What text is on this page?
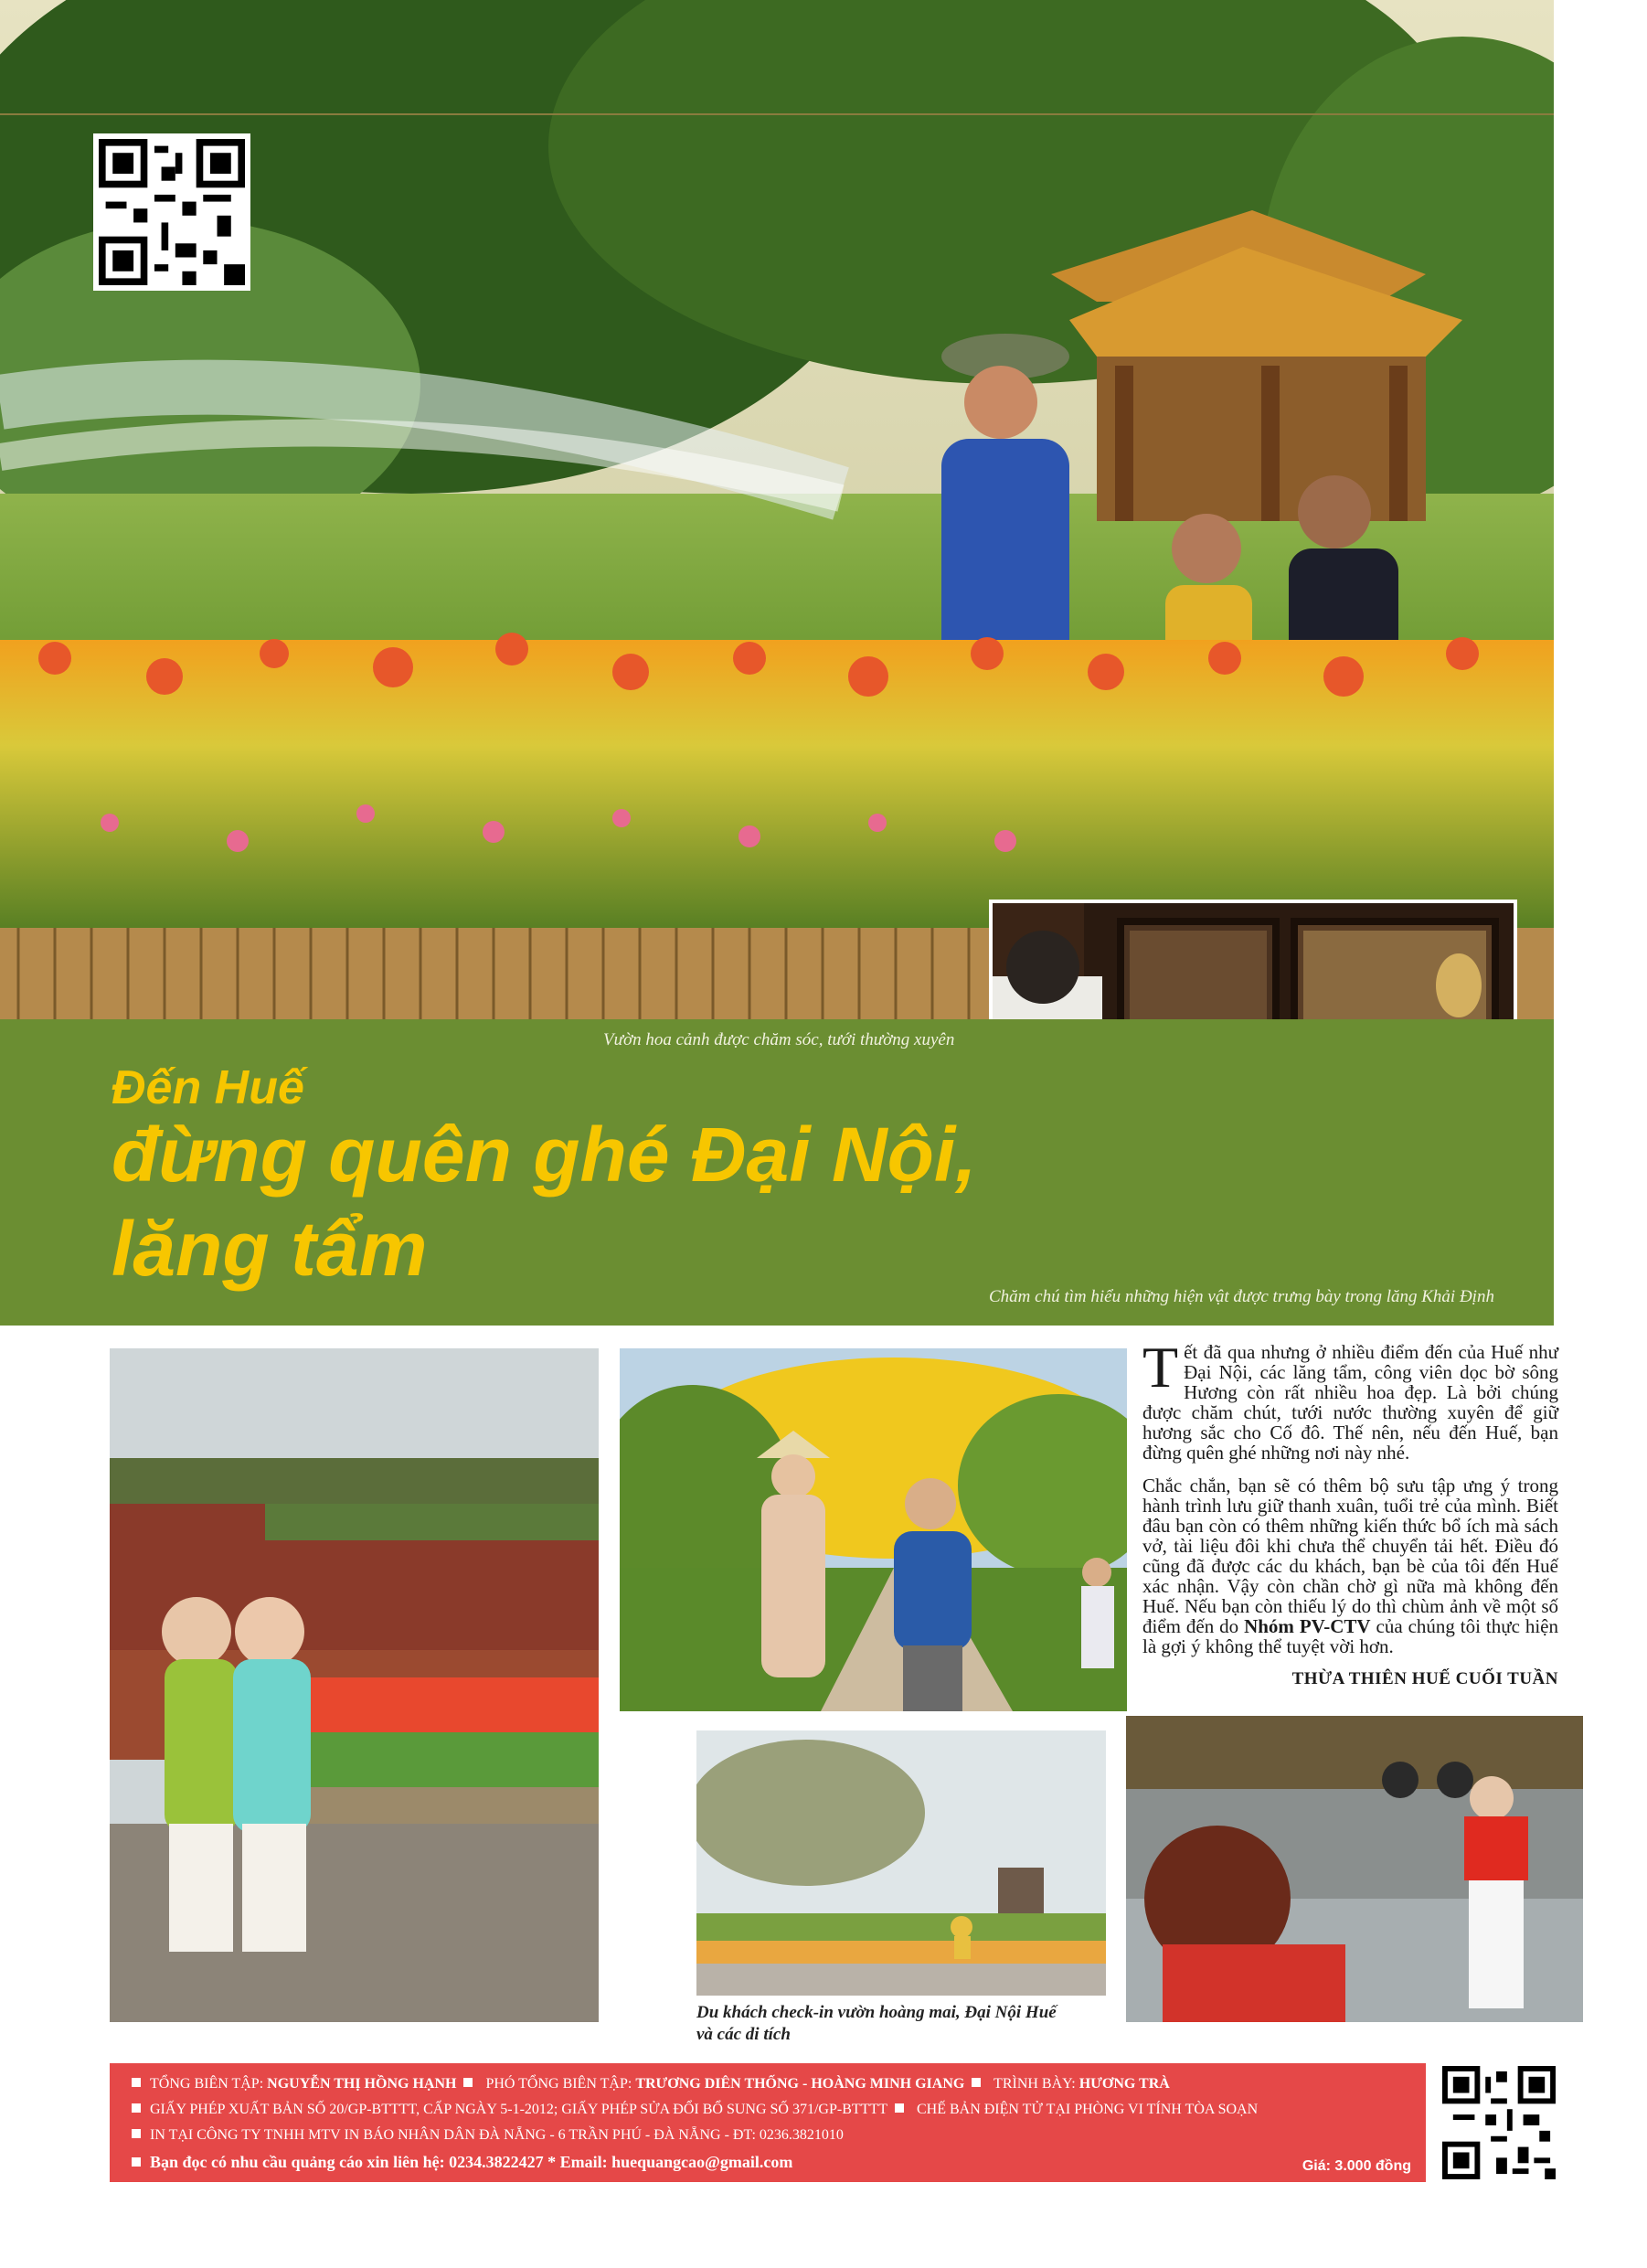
Vườn hoa cảnh được chăm sóc, tưới thường xuyên
Đến Huế
đừng quên ghé Đại Nội,
lăng tẩm
Chăm chú tìm hiểu những hiện vật được trưng bày trong lăng Khải Định

Tết đã qua nhưng ở nhiều điểm đến của Huế như Đại Nội, các lăng tẩm, công viên dọc bờ sông Hương còn rất nhiều hoa đẹp. Là bởi chúng được chăm chút, tưới nước thường xuyên để giữ hương sắc cho Cố đô. Thế nên, nếu đến Huế, bạn đừng quên ghé những nơi này nhé.

Chắc chắn, bạn sẽ có thêm bộ sưu tập ưng ý trong hành trình lưu giữ thanh xuân, tuổi trẻ của mình. Biết đâu bạn còn có thêm những kiến thức bổ ích mà sách vở, tài liệu đôi khi chưa thể chuyển tải hết. Điều đó cũng đã được các du khách, bạn bè của tôi đến Huế xác nhận. Vậy còn chần chờ gì nữa mà không đến Huế. Nếu bạn còn thiếu lý do thì chùm ảnh về một số điểm đến do Nhóm PV-CTV của chúng tôi thực hiện là gợi ý không thể tuyệt vời hơn.

THỪA THIÊN HUẾ CUỐI TUẦN
Du khách check-in vườn hoàng mai, Đại Nội Huế
và các di tích
TỔNG BIÊN TẬP: NGUYỄN THỊ HỒNG HẠNH PHÓ TỔNG BIÊN TẬP: TRƯƠNG DIÊN THỐNG - HOÀNG MINH GIANG TRÌNH BÀY: HƯƠNG TRÀ
GIẤY PHÉP XUẤT BẢN SỐ 20/GP-BTTTT, CẤP NGÀY 5-1-2012; GIẤY PHÉP SỬA ĐỔI BỔ SUNG SỐ 371/GP-BTTTT CHẾ BẢN ĐIỆN TỬ TẠI PHÒNG VI TÍNH TÒA SOẠN
IN TẠI CÔNG TY TNHH MTV IN BÁO NHÂN DÂN ĐÀ NẴNG - 6 TRẦN PHÚ - ĐÀ NẴNG - ĐT: 0236.3821010
Bạn đọc có nhu cầu quảng cáo xin liên hệ: 0234.3822427 * Email: huequangcao@gmail.com	Giá: 3.000 đồng
